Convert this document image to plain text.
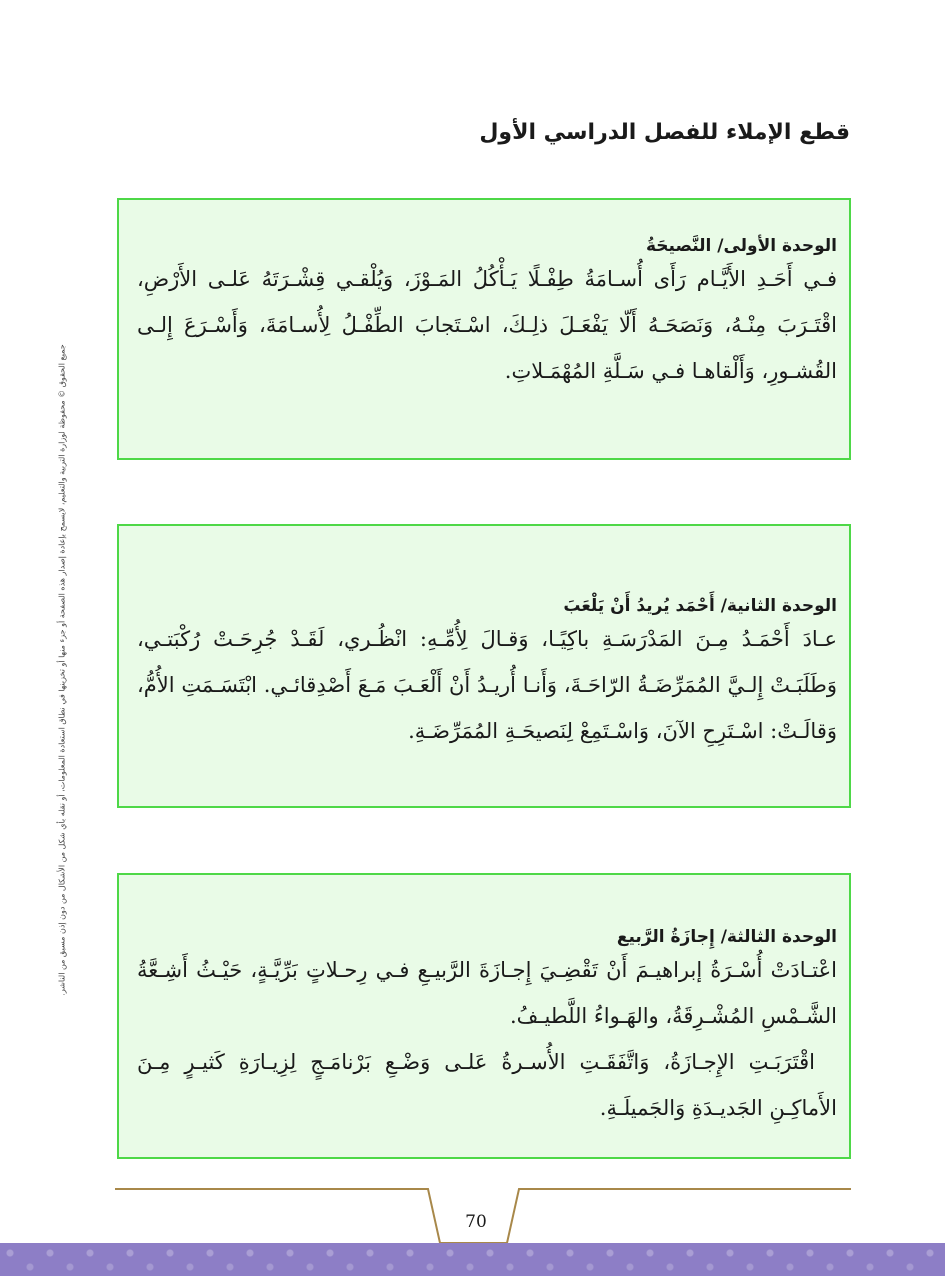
قطع الإملاء للفصل الدراسي الأول
جميع الحقوق © محفوظة لوزارة التربية والتعليم، لايسمح بإعادة إصدار هذه الصفحة أو جزء منها أو تخزينها في نطاق استعادة المعلومات، أو نقله بأي شكل من الأشكال من دون إذن مسبق من الناشر.
الوحدة الأولى/ النَّصيحَةُ

فـي أَحَـدِ الأَيَّـام رَأَى أُسـامَةُ طِفْـلًا يَـأْكُلُ المَـوْزَ، وَيُلْقـي قِشْـرَتَهُ عَلـى الأَرْضِ، اقْتَـرَبَ مِنْـهُ، وَنَصَحَـهُ أَلّا يَفْعَـلَ ذلِـكَ، اسْـتَجابَ الطِّفْـلُ لِأُسـامَةَ، وَأَسْـرَعَ إِلـى القُشـورِ، وَأَلْقاهـا فـي سَـلَّةِ المُهْمَـلاتِ.

الوحدة الثانية/ أَحْمَد يُريدُ أَنْ يَلْعَبَ

عـادَ أَحْمَـدُ مِـنَ المَدْرَسَـةِ باكِيًـا، وَقـالَ لِأُمِّـهِ: انْظُـري، لَقَـدْ جُرِحَـتْ رُكْبَتـي، وَطَلَبَـتْ إِلـيَّ المُمَرِّضَـةُ الرّاحَـةَ، وَأَنـا أُريـدُ أَنْ أَلْعَـبَ مَـعَ أَصْدِقائـي. ابْتَسَـمَتِ الأُمُّ، وَقالَـتْ: اسْـتَرِحِ الآنَ، وَاسْـتَمِعْ لِنَصيحَـةِ المُمَرِّضَـةِ.

الوحدة الثالثة/ إِجازَةُ الرَّبيع

اعْتـادَتْ أُسْـرَةُ إبراهيـمَ أَنْ تَقْضِـيَ إِجـازَةَ الرَّبيـعِ فـي رِحـلاتٍ بَرِّيَّـةٍ، حَيْـثُ أَشِـعَّةُ الشَّـمْسِ المُشْـرِقَةُ، والهَـواءُ اللَّطيـفُ.

اقْتَرَبَـتِ الإِجـازَةُ، وَاتَّفَقَـتِ الأُسـرةُ عَلـى وَضْـعِ بَرْنامَـجٍ لِزِيـارَةِ كَثيـرٍ مِـنَ الأَماكِـنِ الجَديـدَةِ وَالجَميلَـةِ.

70
